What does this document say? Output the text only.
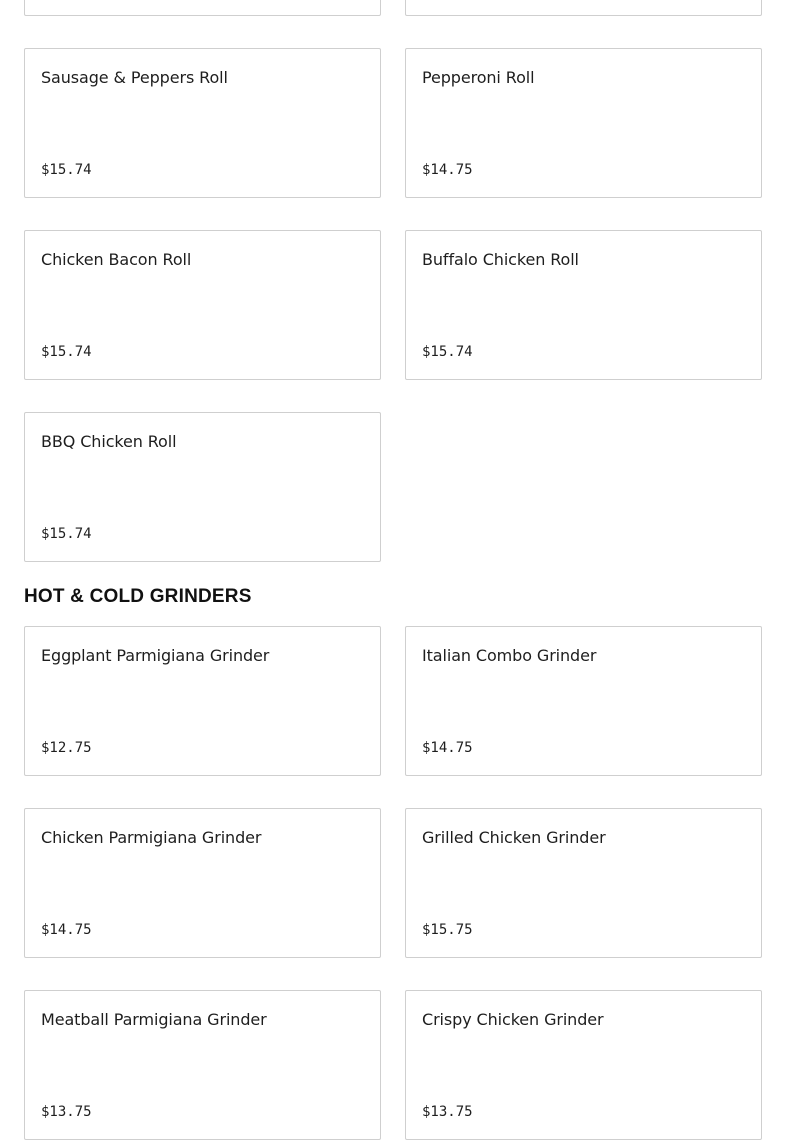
Sausage & Peppers Roll
$15.74
Pepperoni Roll
$14.75
Chicken Bacon Roll
$15.74
Buffalo Chicken Roll
$15.74
BBQ Chicken Roll
$15.74
HOT & COLD GRINDERS
Eggplant Parmigiana Grinder
$12.75
Italian Combo Grinder
$14.75
Chicken Parmigiana Grinder
$14.75
Grilled Chicken Grinder
$15.75
Meatball Parmigiana Grinder
$13.75
Crispy Chicken Grinder
$13.75
